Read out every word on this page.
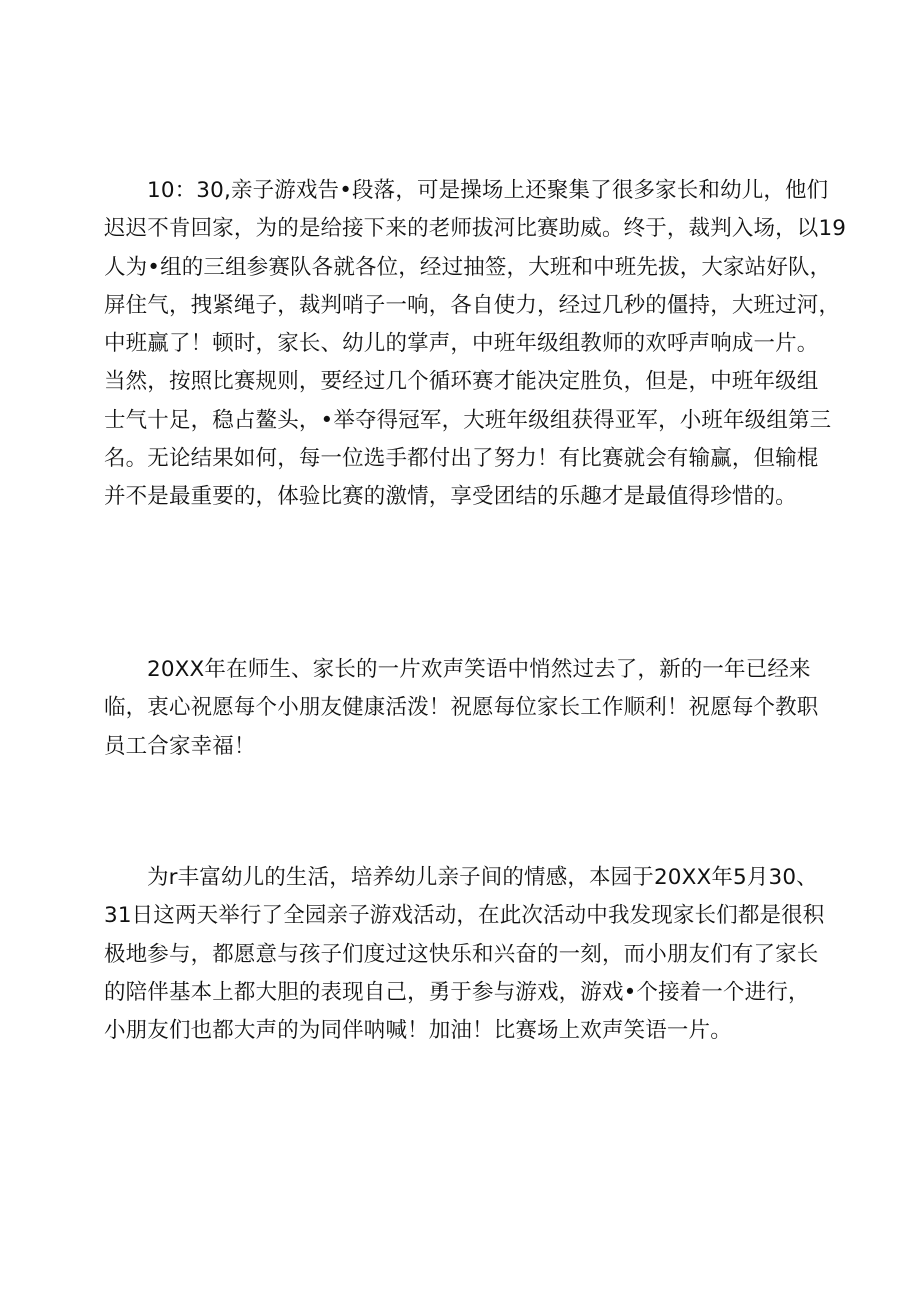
10：30,亲子游戏告•段落，可是操场上还聚集了很多家长和幼儿，他们
迟迟不肯回家，为的是给接下来的老师拔河比赛助威。终于，裁判入场，以19
人为•组的三组参赛队各就各位，经过抽签，大班和中班先拔，大家站好队，
屏住气，拽紧绳子，裁判哨子一响，各自使力，经过几秒的僵持，大班过河，
中班赢了！顿时，家长、幼儿的掌声，中班年级组教师的欢呼声响成一片。
当然，按照比赛规则，要经过几个循环赛才能决定胜负，但是，中班年级组
士气十足，稳占鳌头，•举夺得冠军，大班年级组获得亚军，小班年级组第三
名。无论结果如何，每一位选手都付出了努力！有比赛就会有输赢，但输棍
并不是最重要的，体验比赛的激情，享受团结的乐趣才是最值得珍惜的。
20XX年在师生、家长的一片欢声笑语中悄然过去了，新的一年已经来
临，衷心祝愿每个小朋友健康活泼！祝愿每位家长工作顺利！祝愿每个教职
员工合家幸福！
为r丰富幼儿的生活，培养幼儿亲子间的情感，本园于20XX年5月30、
31日这两天举行了全园亲子游戏活动，在此次活动中我发现家长们都是很积
极地参与，都愿意与孩子们度过这快乐和兴奋的一刻，而小朋友们有了家长
的陪伴基本上都大胆的表现自己，勇于参与游戏，游戏•个接着一个进行，
小朋友们也都大声的为同伴呐喊！加油！比赛场上欢声笑语一片。
